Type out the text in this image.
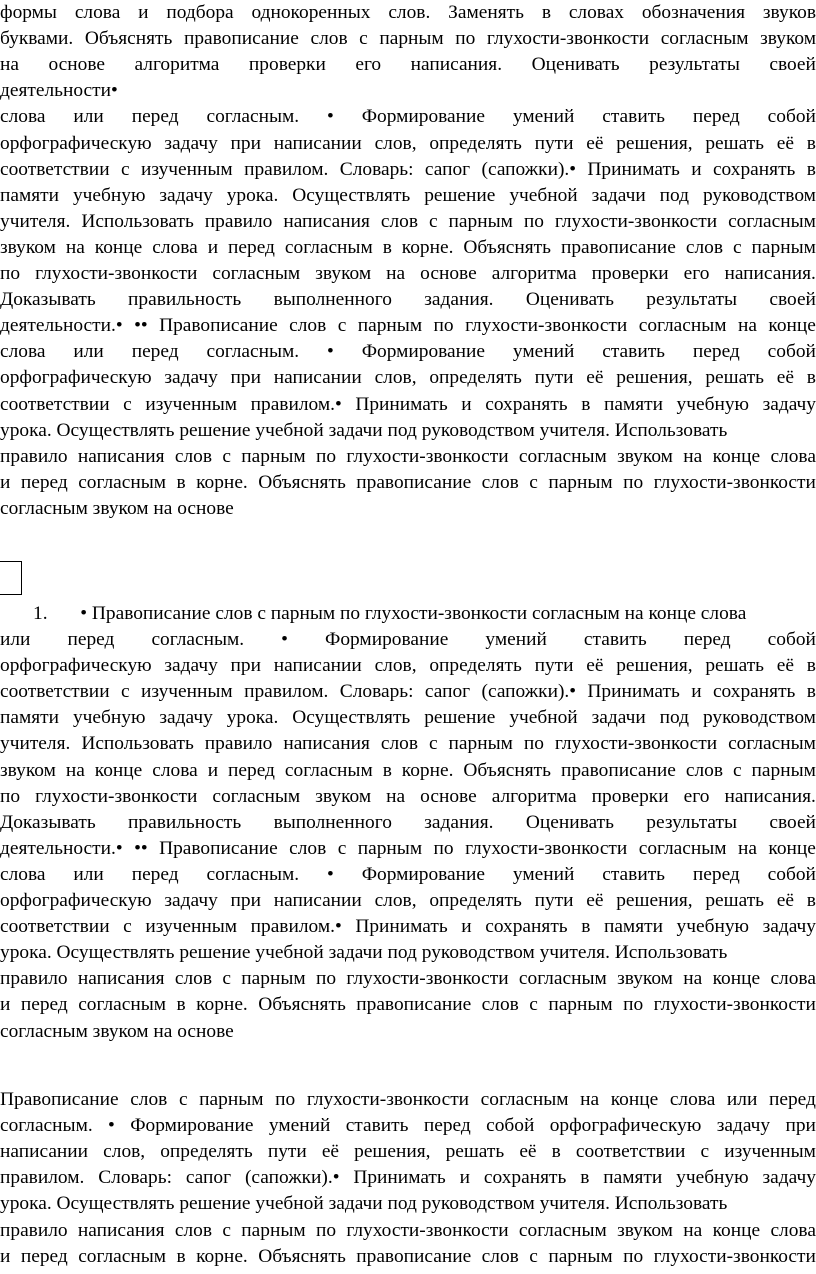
формы слова и подбора однокоренных слов. Заменять в словах обозначения звуков
буквами. Объяснять правописание слов с парным по глухости-звонкости согласным звуком
на основе алгоритма проверки его написания. Оценивать результаты своей
деятельности•
слова или перед согласным. • Формирование умений ставить перед собой
орфографическую задачу при написании слов, определять пути её решения, решать её в
соответствии с изученным правилом. Словарь: сапог (сапожки).• Принимать и сохранять в
памяти учебную задачу урока. Осуществлять решение учебной задачи под руководством
учителя. Использовать правило написания слов с парным по глухости-звонкости согласным
звуком на конце слова и перед согласным в корне. Объяснять правописание слов с парным
по глухости-звонкости согласным звуком на основе алгоритма проверки его написания.
Доказывать правильность выполненного задания. Оценивать результаты своей
деятельности.• •• Правописание слов с парным по глухости-звонкости согласным на конце
слова или перед согласным. • Формирование умений ставить перед собой
орфографическую задачу при написании слов, определять пути её решения, решать её в
соответствии с изученным правилом.• Принимать и сохранять в памяти учебную задачу
урока. Осуществлять решение учебной задачи под руководством учителя. Использовать
правило написания слов с парным по глухости-звонкости согласным звуком на конце слова
и перед согласным в корне. Объяснять правописание слов с парным по глухости-звонкости
согласным звуком на основе
1. • Правописание слов с парным по глухости-звонкости согласным на конце слова
или перед согласным. • Формирование умений ставить перед собой
орфографическую задачу при написании слов, определять пути её решения, решать её в
соответствии с изученным правилом. Словарь: сапог (сапожки).• Принимать и сохранять в
памяти учебную задачу урока. Осуществлять решение учебной задачи под руководством
учителя. Использовать правило написания слов с парным по глухости-звонкости согласным
звуком на конце слова и перед согласным в корне. Объяснять правописание слов с парным
по глухости-звонкости согласным звуком на основе алгоритма проверки его написания.
Доказывать правильность выполненного задания. Оценивать результаты своей
деятельности.• •• Правописание слов с парным по глухости-звонкости согласным на конце
слова или перед согласным. • Формирование умений ставить перед собой
орфографическую задачу при написании слов, определять пути её решения, решать её в
соответствии с изученным правилом.• Принимать и сохранять в памяти учебную задачу
урока. Осуществлять решение учебной задачи под руководством учителя. Использовать
правило написания слов с парным по глухости-звонкости согласным звуком на конце слова
и перед согласным в корне. Объяснять правописание слов с парным по глухости-звонкости
согласным звуком на основе
Правописание слов с парным по глухости-звонкости согласным на конце слова или перед
согласным. • Формирование умений ставить перед собой орфографическую задачу при
написании слов, определять пути её решения, решать её в соответствии с изученным
правилом. Словарь: сапог (сапожки).• Принимать и сохранять в памяти учебную задачу
урока. Осуществлять решение учебной задачи под руководством учителя. Использовать
правило написания слов с парным по глухости-звонкости согласным звуком на конце слова
и перед согласным в корне. Объяснять правописание слов с парным по глухости-звонкости
